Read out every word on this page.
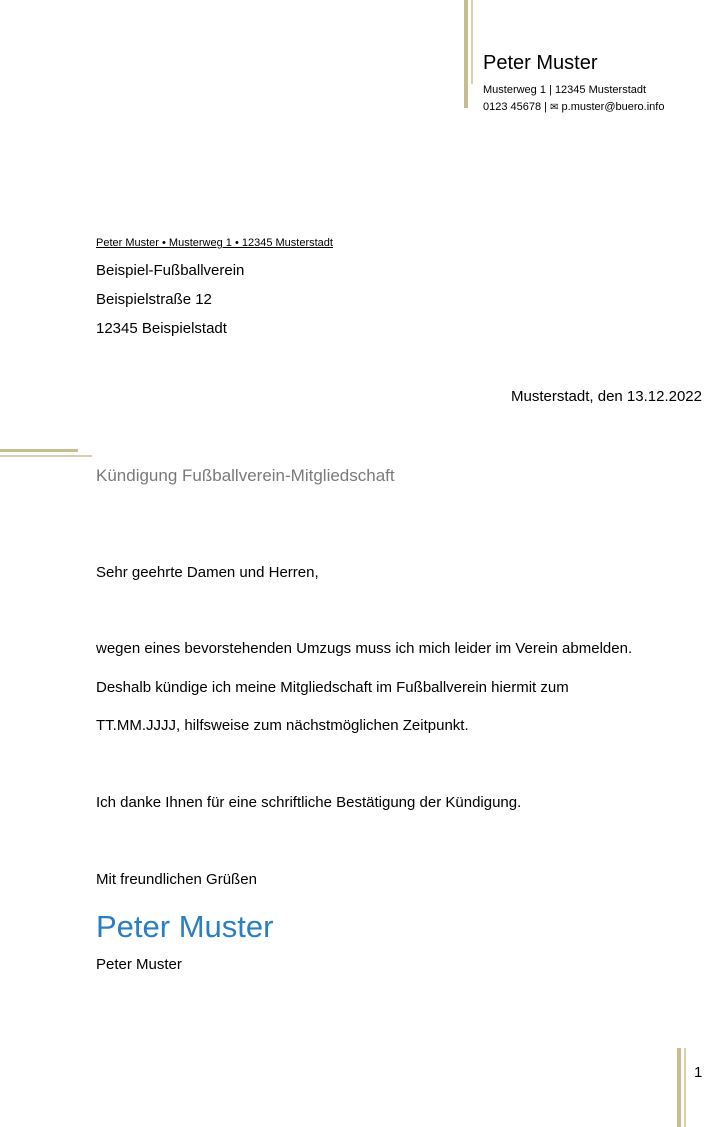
Peter Muster
Musterweg 1 | 12345 Musterstadt
0123 45678 | ✉ p.muster@buero.info
Peter Muster • Musterweg 1 • 12345 Musterstadt
Beispiel-Fußballverein
Beispielstraße 12
12345 Beispielstadt
Musterstadt, den 13.12.2022
Kündigung Fußballverein-Mitgliedschaft
Sehr geehrte Damen und Herren,
wegen eines bevorstehenden Umzugs muss ich mich leider im Verein abmelden.
Deshalb kündige ich meine Mitgliedschaft im Fußballverein hiermit zum
TT.MM.JJJJ, hilfsweise zum nächstmöglichen Zeitpunkt.
Ich danke Ihnen für eine schriftliche Bestätigung der Kündigung.
Mit freundlichen Grüßen
Peter Muster
Peter Muster
1
